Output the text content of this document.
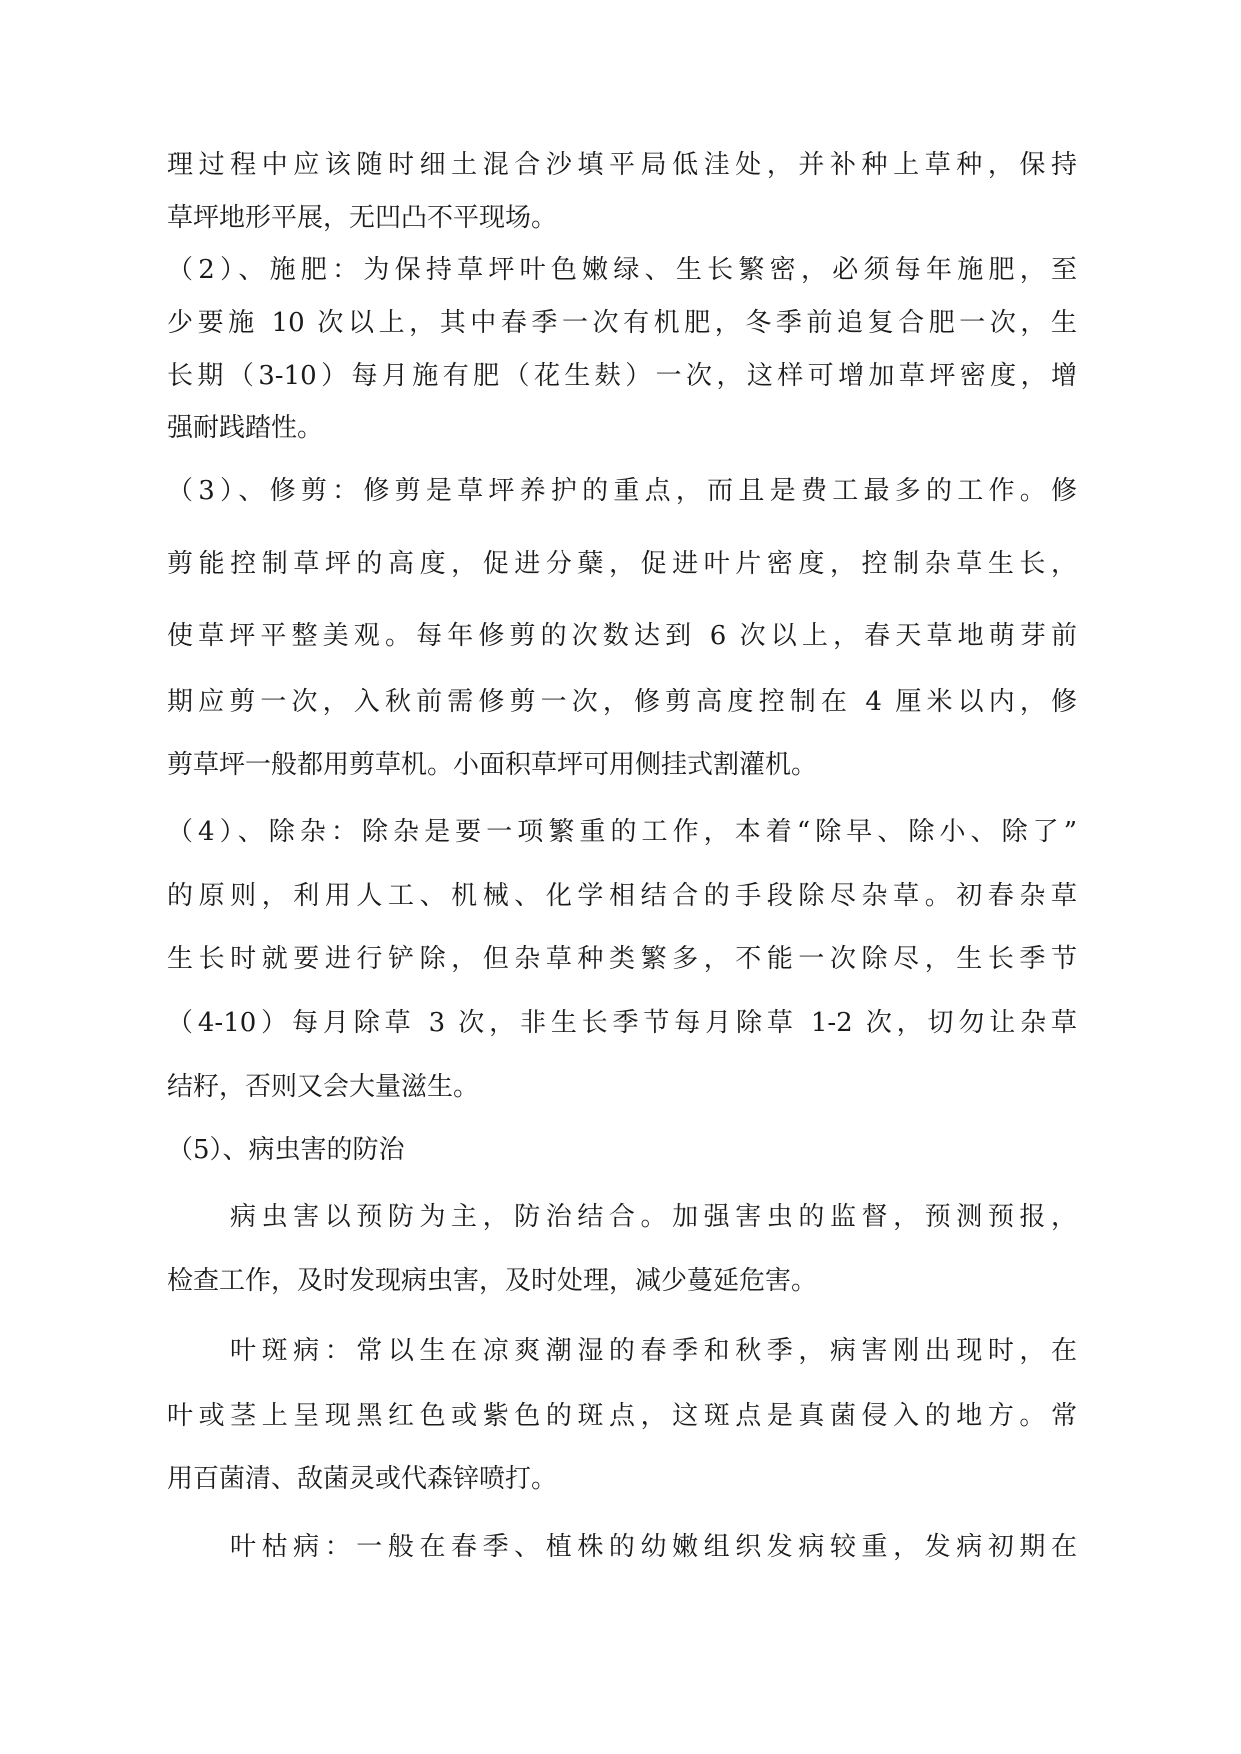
理过程中应该随时细土混合沙填平局低洼处，并补种上草种，保持
草坪地形平展，无凹凸不平现场。
（2）、施肥：为保持草坪叶色嫩绿、生长繁密，必须每年施肥，至
少要施 10 次以上，其中春季一次有机肥，冬季前追复合肥一次，生
长期（3-10）每月施有肥（花生麸）一次，这样可增加草坪密度，增
强耐践踏性。
（3）、修剪：修剪是草坪养护的重点，而且是费工最多的工作。修
剪能控制草坪的高度，促进分蘖，促进叶片密度，控制杂草生长，
使草坪平整美观。每年修剪的次数达到 6 次以上，春天草地萌芽前
期应剪一次，入秋前需修剪一次，修剪高度控制在 4 厘米以内，修
剪草坪一般都用剪草机。小面积草坪可用侧挂式割灌机。
（4）、除杂：除杂是要一项繁重的工作，本着“除早、除小、除了”
的原则，利用人工、机械、化学相结合的手段除尽杂草。初春杂草
生长时就要进行铲除，但杂草种类繁多，不能一次除尽，生长季节
（4-10）每月除草 3 次，非生长季节每月除草 1-2 次，切勿让杂草
结籽，否则又会大量滋生。
（5）、病虫害的防治
病虫害以预防为主，防治结合。加强害虫的监督，预测预报，
检查工作，及时发现病虫害，及时处理，减少蔓延危害。
叶斑病：常以生在凉爽潮湿的春季和秋季，病害刚出现时，在
叶或茎上呈现黑红色或紫色的斑点，这斑点是真菌侵入的地方。常
用百菌清、敌菌灵或代森锌喷打。
叶枯病：一般在春季、植株的幼嫩组织发病较重，发病初期在
